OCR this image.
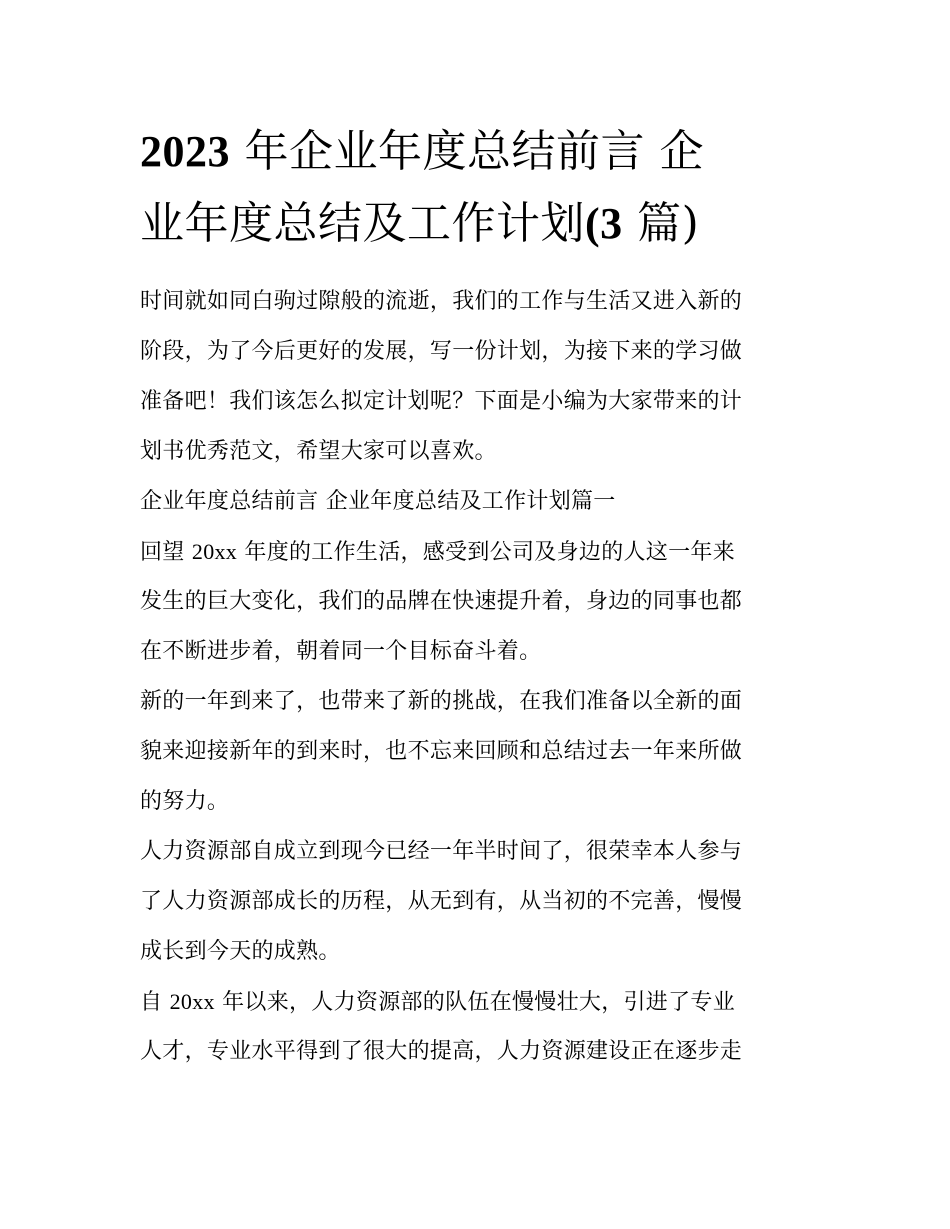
2023 年企业年度总结前言 企
业年度总结及工作计划(3 篇)
时间就如同白驹过隙般的流逝，我们的工作与生活又进入新的
阶段，为了今后更好的发展，写一份计划，为接下来的学习做
准备吧！我们该怎么拟定计划呢？下面是小编为大家带来的计
划书优秀范文，希望大家可以喜欢。
企业年度总结前言 企业年度总结及工作计划篇一
回望 20xx 年度的工作生活，感受到公司及身边的人这一年来
发生的巨大变化，我们的品牌在快速提升着，身边的同事也都
在不断进步着，朝着同一个目标奋斗着。
新的一年到来了，也带来了新的挑战，在我们准备以全新的面
貌来迎接新年的到来时，也不忘来回顾和总结过去一年来所做
的努力。
人力资源部自成立到现今已经一年半时间了，很荣幸本人参与
了人力资源部成长的历程，从无到有，从当初的不完善，慢慢
成长到今天的成熟。
自 20xx 年以来，人力资源部的队伍在慢慢壮大，引进了专业
人才，专业水平得到了很大的提高，人力资源建设正在逐步走
